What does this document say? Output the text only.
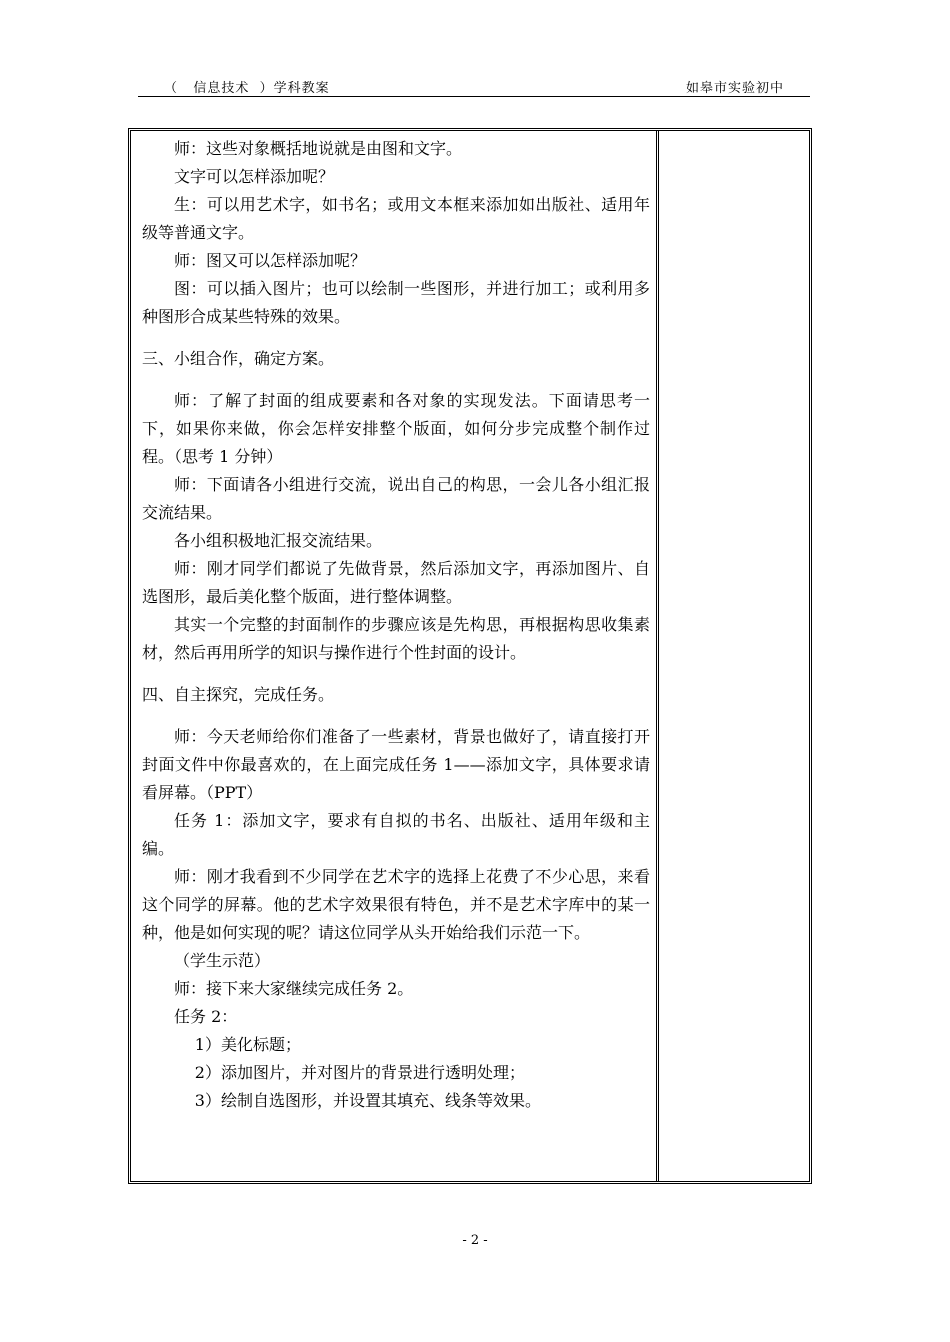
（   信息技术  ）学科教案	如皋市实验初中

师：这些对象概括地说就是由图和文字。

文字可以怎样添加呢？

生：可以用艺术字，如书名；或用文本框来添加如出版社、适用年级等普通文字。

师：图又可以怎样添加呢？

图：可以插入图片；也可以绘制一些图形，并进行加工；或利用多种图形合成某些特殊的效果。

三、小组合作，确定方案。

师：了解了封面的组成要素和各对象的实现发法。下面请思考一下，如果你来做，你会怎样安排整个版面，如何分步完成整个制作过程。（思考 1 分钟）

师：下面请各小组进行交流，说出自己的构思，一会儿各小组汇报交流结果。

各小组积极地汇报交流结果。

师：刚才同学们都说了先做背景，然后添加文字，再添加图片、自选图形，最后美化整个版面，进行整体调整。

其实一个完整的封面制作的步骤应该是先构思，再根据构思收集素材，然后再用所学的知识与操作进行个性封面的设计。

四、自主探究，完成任务。

师：今天老师给你们准备了一些素材，背景也做好了，请直接打开封面文件中你最喜欢的，在上面完成任务 1——添加文字，具体要求请看屏幕。（PPT）

任务 1：添加文字，要求有自拟的书名、出版社、适用年级和主编。

师：刚才我看到不少同学在艺术字的选择上花费了不少心思，来看这个同学的屏幕。他的艺术字效果很有特色，并不是艺术字库中的某一种，他是如何实现的呢？请这位同学从头开始给我们示范一下。

（学生示范）

师：接下来大家继续完成任务 2。

任务 2：

1）美化标题；

2）添加图片，并对图片的背景进行透明处理；

3）绘制自选图形，并设置其填充、线条等效果。

- 2 -
